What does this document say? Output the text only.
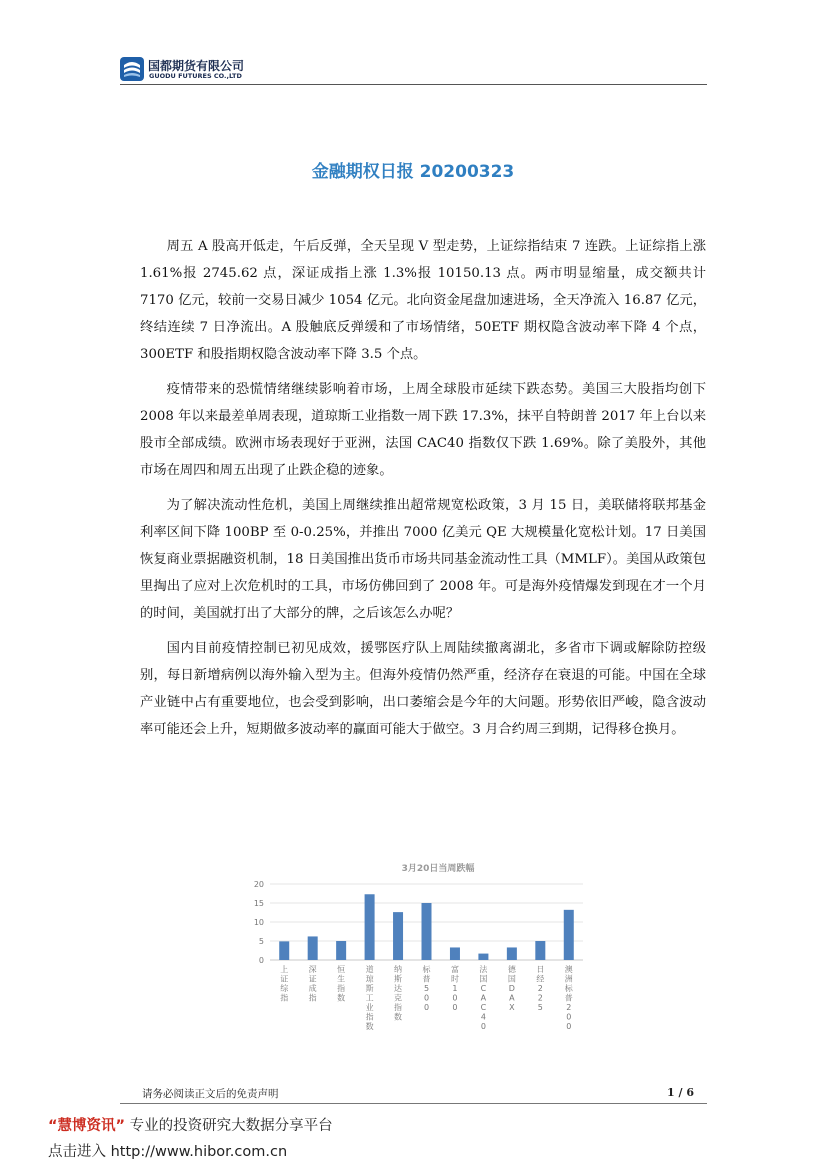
国都期货有限公司
GUODU FUTURES CO.,LTD
金融期权日报 20200323

周五 A 股高开低走，午后反弹，全天呈现 V 型走势，上证综指结束 7 连跌。上证综指上涨 1.61%报 2745.62 点，深证成指上涨 1.3%报 10150.13 点。两市明显缩量，成交额共计 7170 亿元，较前一交易日减少 1054 亿元。北向资金尾盘加速进场，全天净流入 16.87 亿元，终结连续 7 日净流出。A 股触底反弹缓和了市场情绪，50ETF 期权隐含波动率下降 4 个点，300ETF 和股指期权隐含波动率下降 3.5 个点。

疫情带来的恐慌情绪继续影响着市场，上周全球股市延续下跌态势。美国三大股指均创下 2008 年以来最差单周表现，道琼斯工业指数一周下跌 17.3%，抹平自特朗普 2017 年上台以来股市全部成绩。欧洲市场表现好于亚洲，法国 CAC40 指数仅下跌 1.69%。除了美股外，其他市场在周四和周五出现了止跌企稳的迹象。

为了解决流动性危机，美国上周继续推出超常规宽松政策，3 月 15 日，美联储将联邦基金利率区间下降 100BP 至 0-0.25%，并推出 7000 亿美元 QE 大规模量化宽松计划。17 日美国恢复商业票据融资机制，18 日美国推出货币市场共同基金流动性工具（MMLF）。美国从政策包里掏出了应对上次危机时的工具，市场仿佛回到了 2008 年。可是海外疫情爆发到现在才一个月的时间，美国就打出了大部分的牌，之后该怎么办呢？

国内目前疫情控制已初见成效，援鄂医疗队上周陆续撤离湖北，多省市下调或解除防控级别，每日新增病例以海外输入型为主。但海外疫情仍然严重，经济存在衰退的可能。中国在全球产业链中占有重要地位，也会受到影响，出口萎缩会是今年的大问题。形势依旧严峻，隐含波动率可能还会上升，短期做多波动率的赢面可能大于做空。3 月合约周三到期，记得移仓换月。

3月20日当周跌幅
0
5
10
15
20
上证综指
深证成指
恒生指数
道琼斯工业指数
纳斯达克指数
标普 5 0 0
富时 1 0 0
法国 C A C 4 0
德国 D A X
日经 2 2 5
澳洲标普 2 0 0
请务必阅读正文后的免责声明	1 / 6
“慧博资讯” 专业的投资研究大数据分享平台
点击进入 http://www.hibor.com.cn
